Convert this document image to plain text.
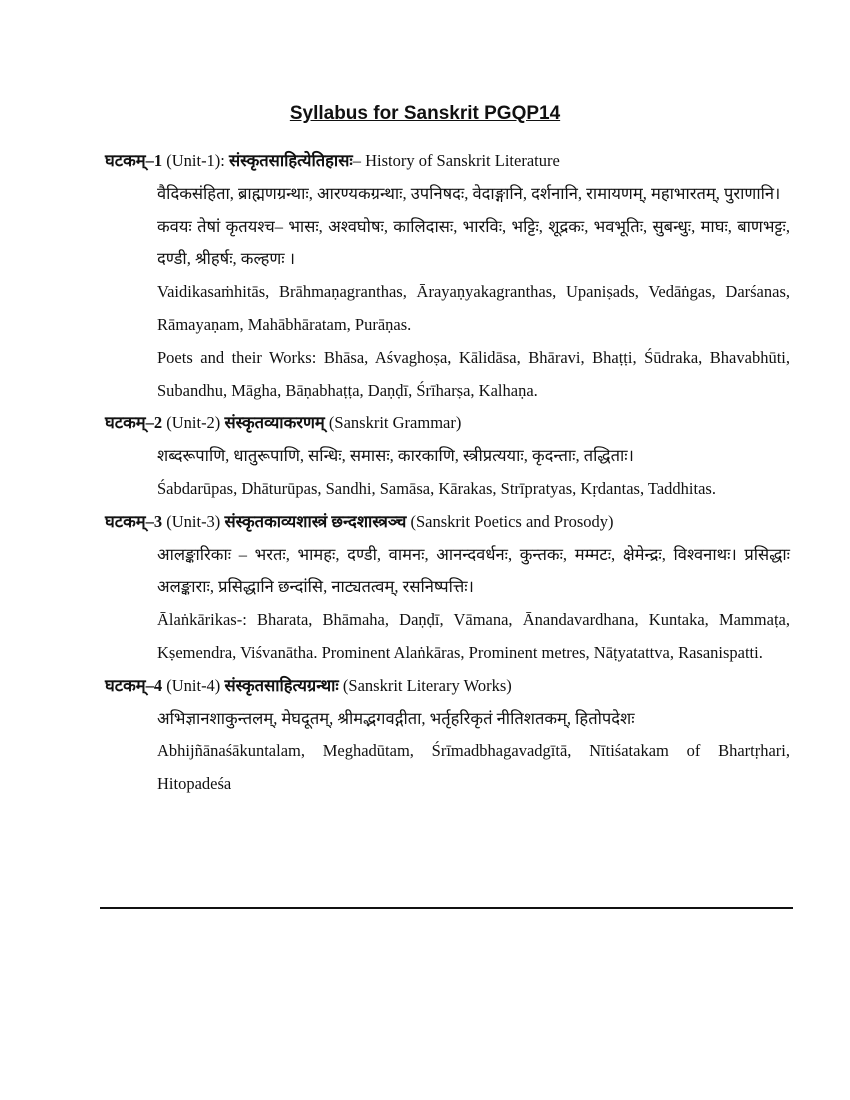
Syllabus for Sanskrit PGQP14

घटकम्–1 (Unit-1): संस्कृतसाहित्येतिहासः– History of Sanskrit Literature

वैदिकसंहिता, ब्राह्मणग्रन्थाः, आरण्यकग्रन्थाः, उपनिषदः, वेदाङ्गानि, दर्शनानि, रामायणम्, महाभारतम्, पुराणानि।

कवयः तेषां कृतयश्च– भासः, अश्वघोषः, कालिदासः, भारविः, भट्टिः, शूद्रकः, भवभूतिः, सुबन्धुः, माघः, बाणभट्टः, दण्डी, श्रीहर्षः, कल्हणः ।

Vaidikasaṁhitās, Brāhmaṇagranthas, Ārayaṇyakagranthas, Upaniṣads, Vedāṅgas, Darśanas, Rāmayaṇam, Mahābhāratam, Purāṇas.

Poets and their Works: Bhāsa, Aśvaghoṣa, Kālidāsa, Bhāravi, Bhaṭṭi, Śūdraka, Bhavabhūti, Subandhu, Māgha, Bāṇabhaṭṭa, Daṇḍī, Śrīharṣa, Kalhaṇa.

घटकम्–2 (Unit-2) संस्कृतव्याकरणम् (Sanskrit Grammar)

शब्दरूपाणि, धातुरूपाणि, सन्धिः, समासः, कारकाणि, स्त्रीप्रत्ययाः, कृदन्ताः, तद्धिताः।

Śabdarūpas, Dhāturūpas, Sandhi, Samāsa, Kārakas, Strīpratyas, Kṛdantas, Taddhitas.

घटकम्–3 (Unit-3) संस्कृतकाव्यशास्त्रं छन्दशास्त्रञ्च (Sanskrit Poetics and Prosody)

आलङ्कारिकाः – भरतः, भामहः, दण्डी, वामनः, आनन्दवर्धनः, कुन्तकः, मम्मटः, क्षेमेन्द्रः, विश्वनाथः। प्रसिद्धाः अलङ्काराः, प्रसिद्धानि छन्दांसि, नाट्यतत्वम्, रसनिष्पत्तिः।

Ālaṅkārikas-: Bharata, Bhāmaha, Daṇḍī, Vāmana, Ānandavardhana, Kuntaka, Mammaṭa, Kṣemendra, Viśvanātha. Prominent Alaṅkāras, Prominent metres, Nāṭyatattva, Rasanispatti.

घटकम्–4 (Unit-4) संस्कृतसाहित्यग्रन्थाः (Sanskrit Literary Works)

अभिज्ञानशाकुन्तलम्, मेघदूतम्, श्रीमद्भगवद्गीता, भर्तृहरिकृतं नीतिशतकम्, हितोपदेशः

Abhijñānaśākuntalam, Meghadūtam, Śrīmadbhagavadgītā, Nītiśatakam of Bhartṛhari, Hitopadeśa
